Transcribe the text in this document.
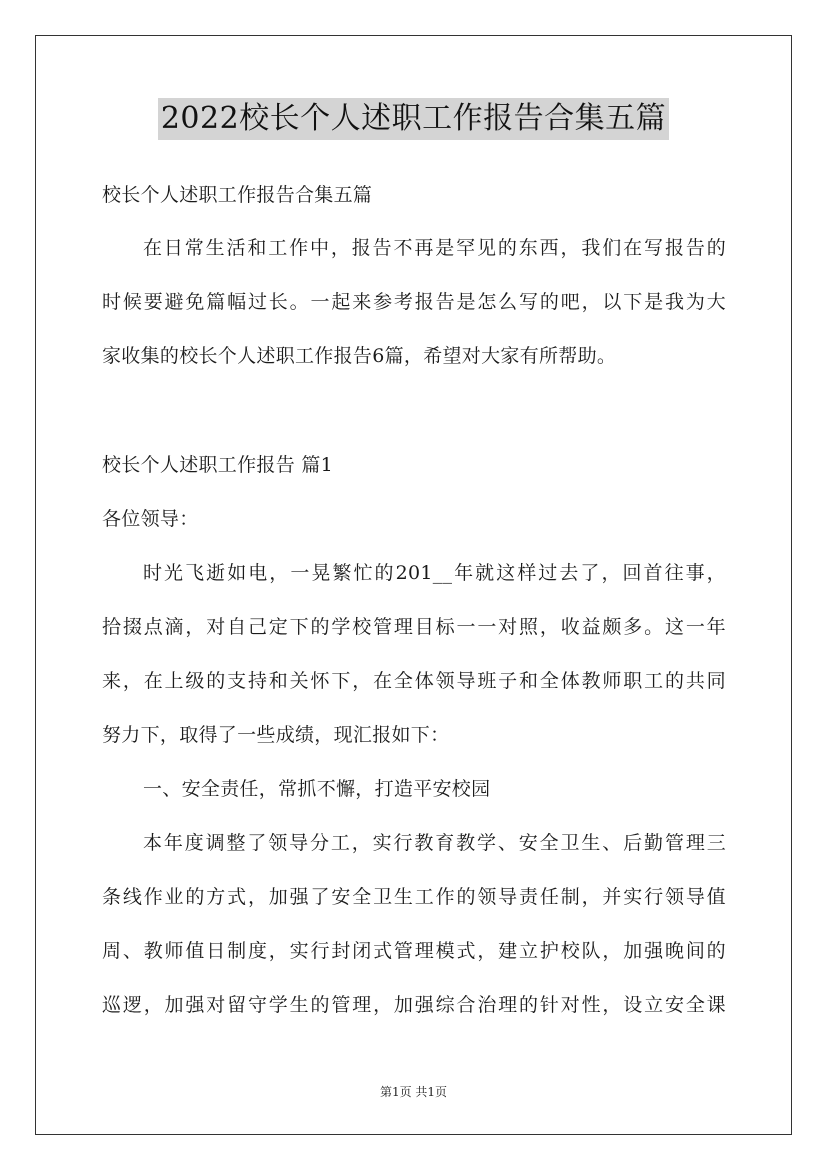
2022校长个人述职工作报告合集五篇
校长个人述职工作报告合集五篇
在日常生活和工作中，报告不再是罕见的东西，我们在写报告的
时候要避免篇幅过长。一起来参考报告是怎么写的吧，以下是我为大
家收集的校长个人述职工作报告6篇，希望对大家有所帮助。
校长个人述职工作报告 篇1
各位领导：
时光飞逝如电，一晃繁忙的201__年就这样过去了，回首往事，
拾掇点滴，对自己定下的学校管理目标一一对照，收益颇多。这一年
来，在上级的支持和关怀下，在全体领导班子和全体教师职工的共同
努力下，取得了一些成绩，现汇报如下：
一、安全责任，常抓不懈，打造平安校园
本年度调整了领导分工，实行教育教学、安全卫生、后勤管理三
条线作业的方式，加强了安全卫生工作的领导责任制，并实行领导值
周、教师值日制度，实行封闭式管理模式，建立护校队，加强晚间的
巡逻，加强对留守学生的管理，加强综合治理的针对性，设立安全课
第1页 共1页
